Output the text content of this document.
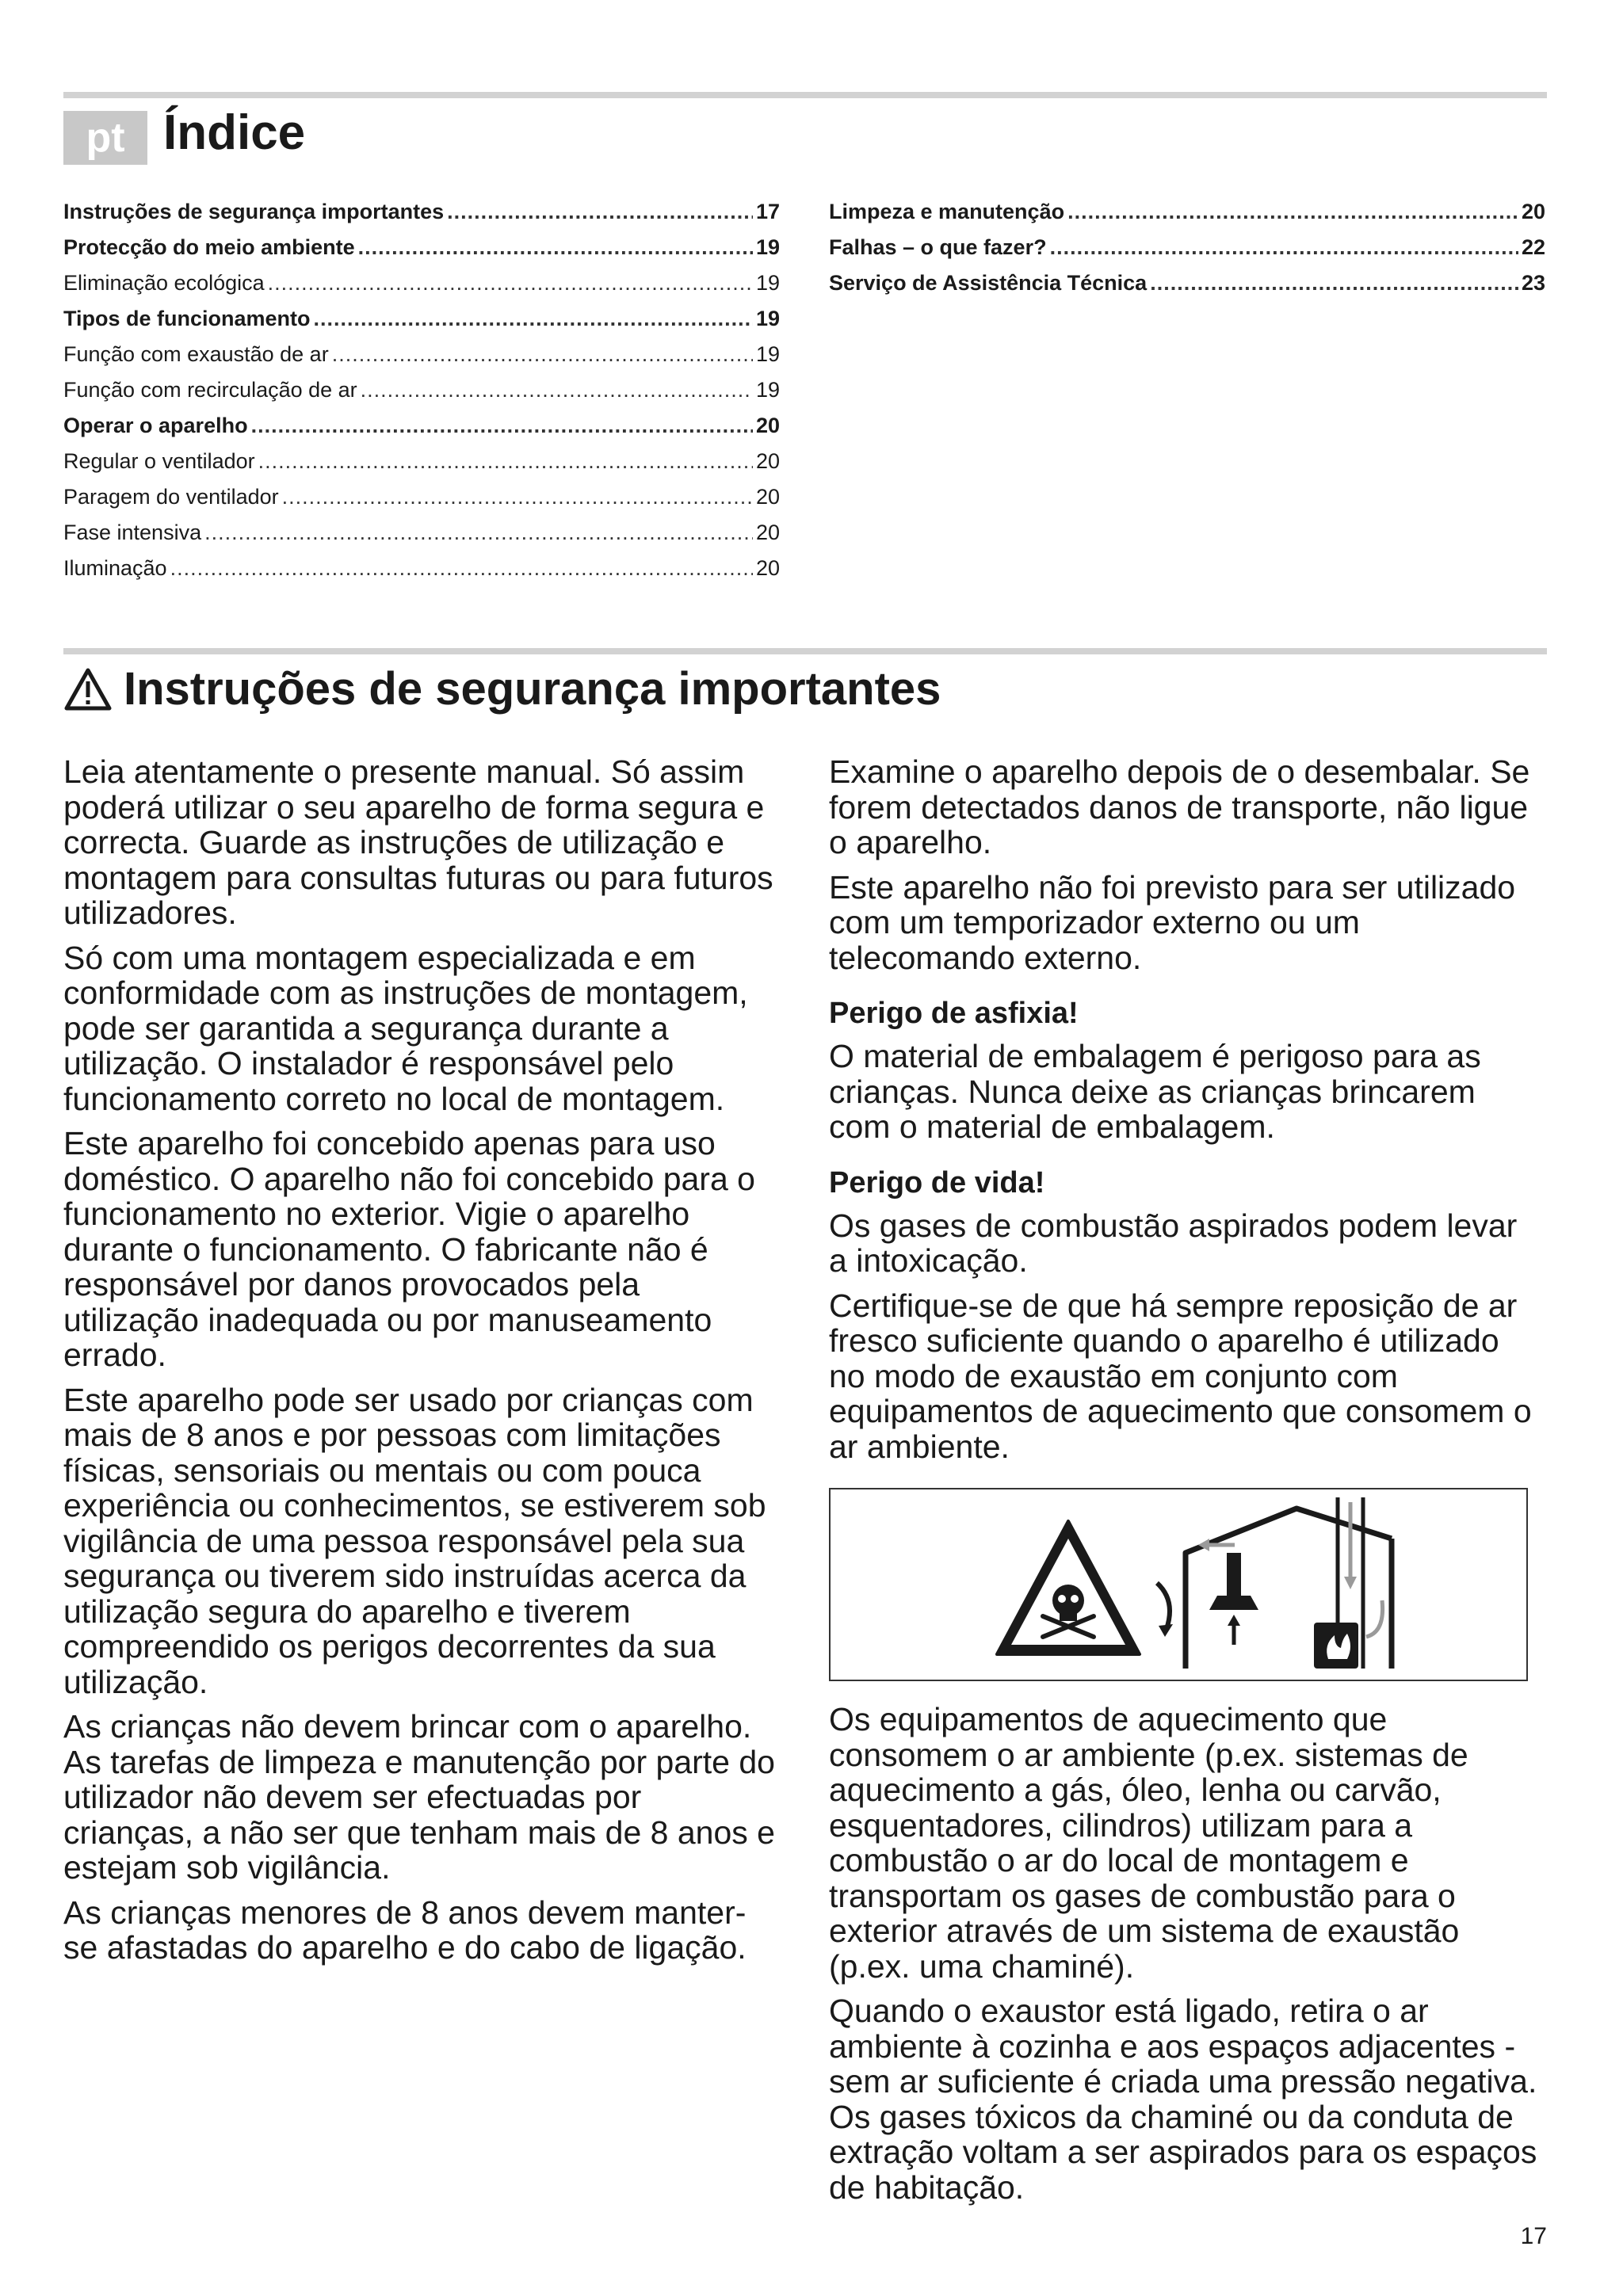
pt Índice
Instruções de segurança importantes .....	17
Protecção do meio ambiente .....	19
Eliminação ecológica .....	19
Tipos de funcionamento .....	19
Função com exaustão de ar .....	19
Função com recirculação de ar .....	19
Operar o aparelho .....	20
Regular o ventilador .....	20
Paragem do ventilador .....	20
Fase intensiva .....	20
Iluminação .....	20
Limpeza e manutenção .....	20
Falhas – o que fazer? .....	22
Serviço de Assistência Técnica .....	23
Instruções de segurança importantes

Leia atentamente o presente manual. Só assim poderá utilizar o seu aparelho de forma segura e correcta. Guarde as instruções de utilização e montagem para consultas futuras ou para futuros utilizadores.

Só com uma montagem especializada e em conformidade com as instruções de montagem, pode ser garantida a segurança durante a utilização. O instalador é responsável pelo funcionamento correto no local de montagem.

Este aparelho foi concebido apenas para uso doméstico. O aparelho não foi concebido para o funcionamento no exterior. Vigie o aparelho durante o funcionamento. O fabricante não é responsável por danos provocados pela utilização inadequada ou por manuseamento errado.

Este aparelho pode ser usado por crianças com mais de 8 anos e por pessoas com limitações físicas, sensoriais ou mentais ou com pouca experiência ou conhecimentos, se estiverem sob vigilância de uma pessoa responsável pela sua segurança ou tiverem sido instruídas acerca da utilização segura do aparelho e tiverem compreendido os perigos decorrentes da sua utilização.

As crianças não devem brincar com o aparelho. As tarefas de limpeza e manutenção por parte do utilizador não devem ser efectuadas por crianças, a não ser que tenham mais de 8 anos e estejam sob vigilância.

As crianças menores de 8 anos devem manter-se afastadas do aparelho e do cabo de ligação.

Examine o aparelho depois de o desembalar. Se forem detectados danos de transporte, não ligue o aparelho.

Este aparelho não foi previsto para ser utilizado com um temporizador externo ou um telecomando externo.

Perigo de asfixia!

O material de embalagem é perigoso para as crianças. Nunca deixe as crianças brincarem com o material de embalagem.

Perigo de vida!

Os gases de combustão aspirados podem levar a intoxicação.

Certifique-se de que há sempre reposição de ar fresco suficiente quando o aparelho é utilizado no modo de exaustão em conjunto com equipamentos de aquecimento que consomem o ar ambiente.

Os equipamentos de aquecimento que consomem o ar ambiente (p.ex. sistemas de aquecimento a gás, óleo, lenha ou carvão, esquentadores, cilindros) utilizam para a combustão o ar do local de montagem e transportam os gases de combustão para o exterior através de um sistema de exaustão (p.ex. uma chaminé).

Quando o exaustor está ligado, retira o ar ambiente à cozinha e aos espaços adjacentes - sem ar suficiente é criada uma pressão negativa. Os gases tóxicos da chaminé ou da conduta de extração voltam a ser aspirados para os espaços de habitação.

17
